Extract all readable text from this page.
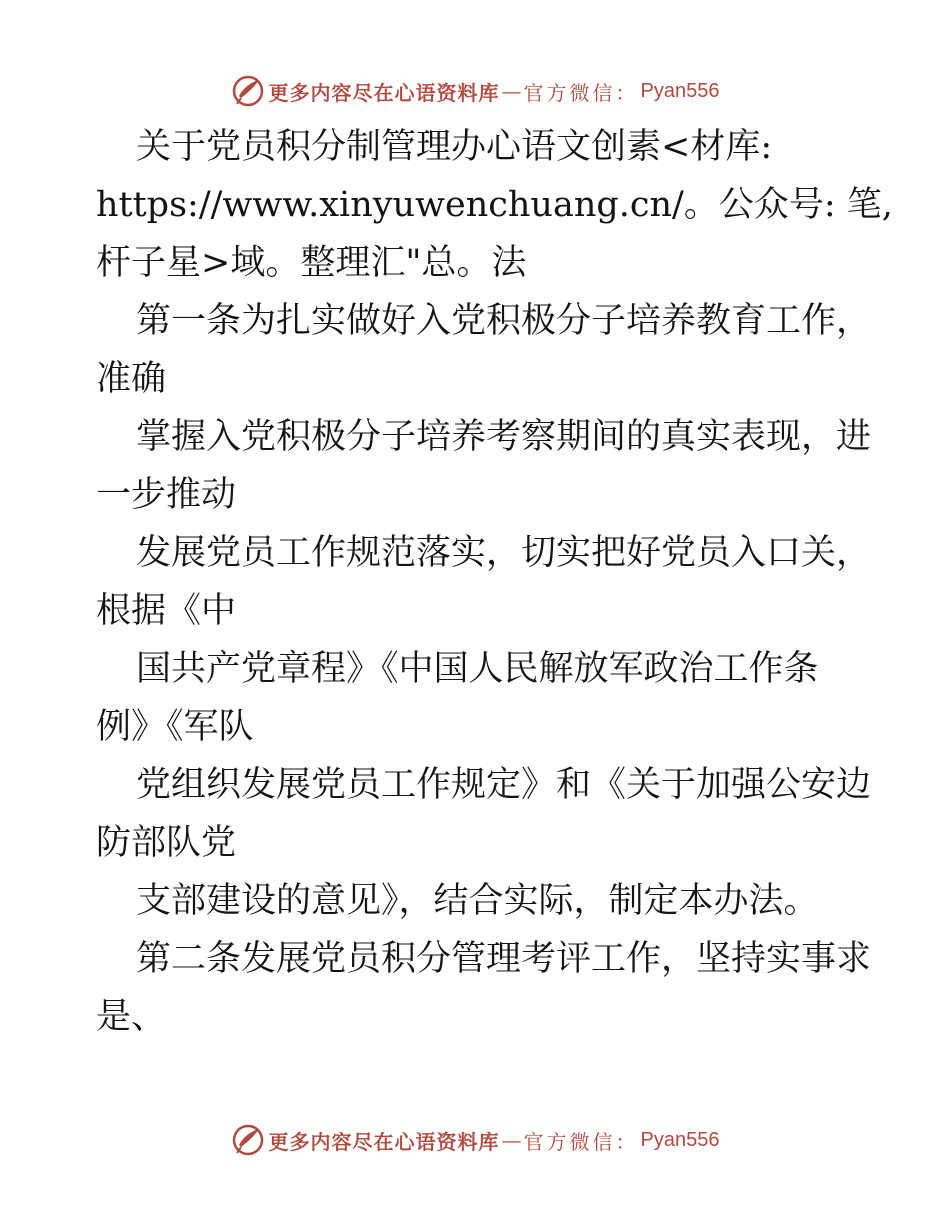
更多内容尽在心语资料库 — 官方微信： Pyan556
关于党员积分制管理办心语文创素<材库:
https://www.xinyuwenchuang.cn/。公众号: 笔,
杆子星>域。整理汇"总。法
第一条为扎实做好入党积极分子培养教育工作，
准确
掌握入党积极分子培养考察期间的真实表现，进
一步推动
发展党员工作规范落实，切实把好党员入口关，
根据《中
国共产党章程》《中国人民解放军政治工作条
例》《军队
党组织发展党员工作规定》和《关于加强公安边
防部队党
支部建设的意见》，结合实际，制定本办法。
第二条发展党员积分管理考评工作，坚持实事求
是、
更多内容尽在心语资料库 — 官方微信： Pyan556
